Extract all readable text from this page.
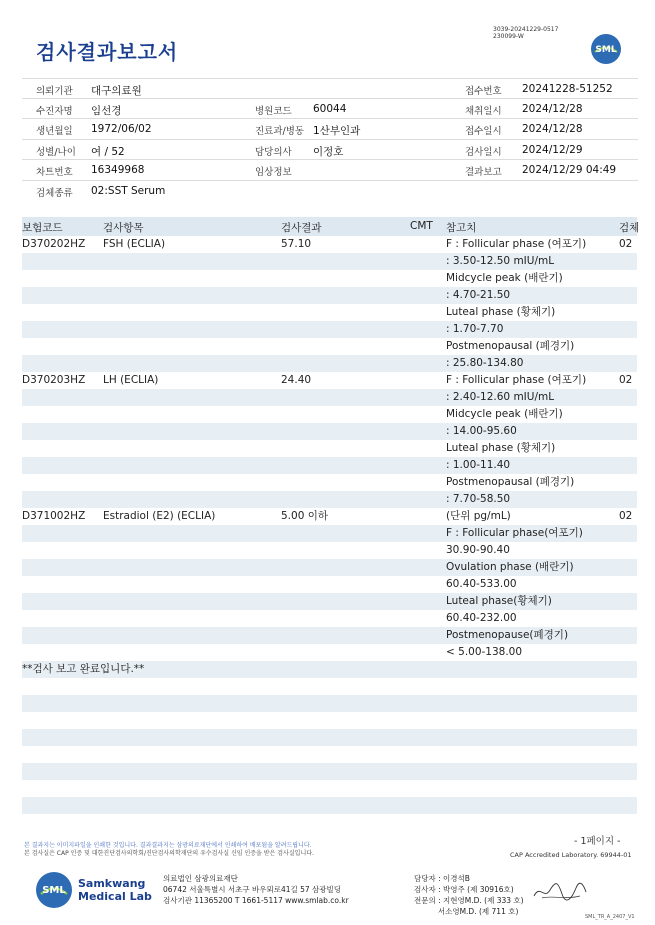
3039-20241229-0517
230099-W
검사결과보고서	SML
의뢰기관 대구의료원	접수번호 20241228-51252
수진자명 임선경	병원코드 60044	채취일시 2024/12/28
생년월일 1972/06/02	진료과/병동 1산부인과	접수일시 2024/12/28
성별/나이 여 / 52	담당의사 이정호	검사일시 2024/12/29
차트번호 16349968	임상정보	결과보고 2024/12/29 04:49
검체종류 02:SST Serum
보험코드	검사항목	검사결과	CMT 참고치	검체
D370202HZ FSH (ECLIA)	57.10	F : Follicular phase (여포기)	02
: 3.50-12.50 mIU/mL
Midcycle peak (배란기)
: 4.70-21.50
Luteal phase (황체기)
: 1.70-7.70
Postmenopausal (폐경기)
: 25.80-134.80
D370203HZ LH (ECLIA)	24.40	F : Follicular phase (여포기)	02
: 2.40-12.60 mIU/mL
Midcycle peak (배란기)
: 14.00-95.60
Luteal phase (황체기)
: 1.00-11.40
Postmenopausal (폐경기)
: 7.70-58.50
D371002HZ Estradiol (E2) (ECLIA)	5.00 이하	(단위 pg/mL)	02
F : Follicular phase(여포기)
30.90-90.40
Ovulation phase (배란기)
60.40-533.00
Luteal phase(황체기)
60.40-232.00
Postmenopause(폐경기)
< 5.00-138.00
**검사 보고 완료입니다.**
본 결과지는 이미지파일을 인쇄한 것입니다. 결과결과지는 삼광의료재단에서 인쇄하여 배포됨을 알려드립니다.
본 검사실은 CAP 인증 및 대한진단검사의학회/진단검사의학재단의 우수검사실 신임 인증을 받은 검사실입니다.
- 1페이지 -
CAP Accredited Laboratory. 69944-01
SML
Samkwang
Medical Lab
의료법인 삼광의료재단
06742 서울특별시 서초구 바우뫼로41길 57 삼광빌딩
검사기관 11365200 T 1661-5117 www.smlab.co.kr
담당자 : 이경석B
검사자 : 박영주 (제 30916호)
전문의 : 지현영M.D. (제 333 호)
서소영M.D. (제 711 호)
SML_TR_A_2407_V1
